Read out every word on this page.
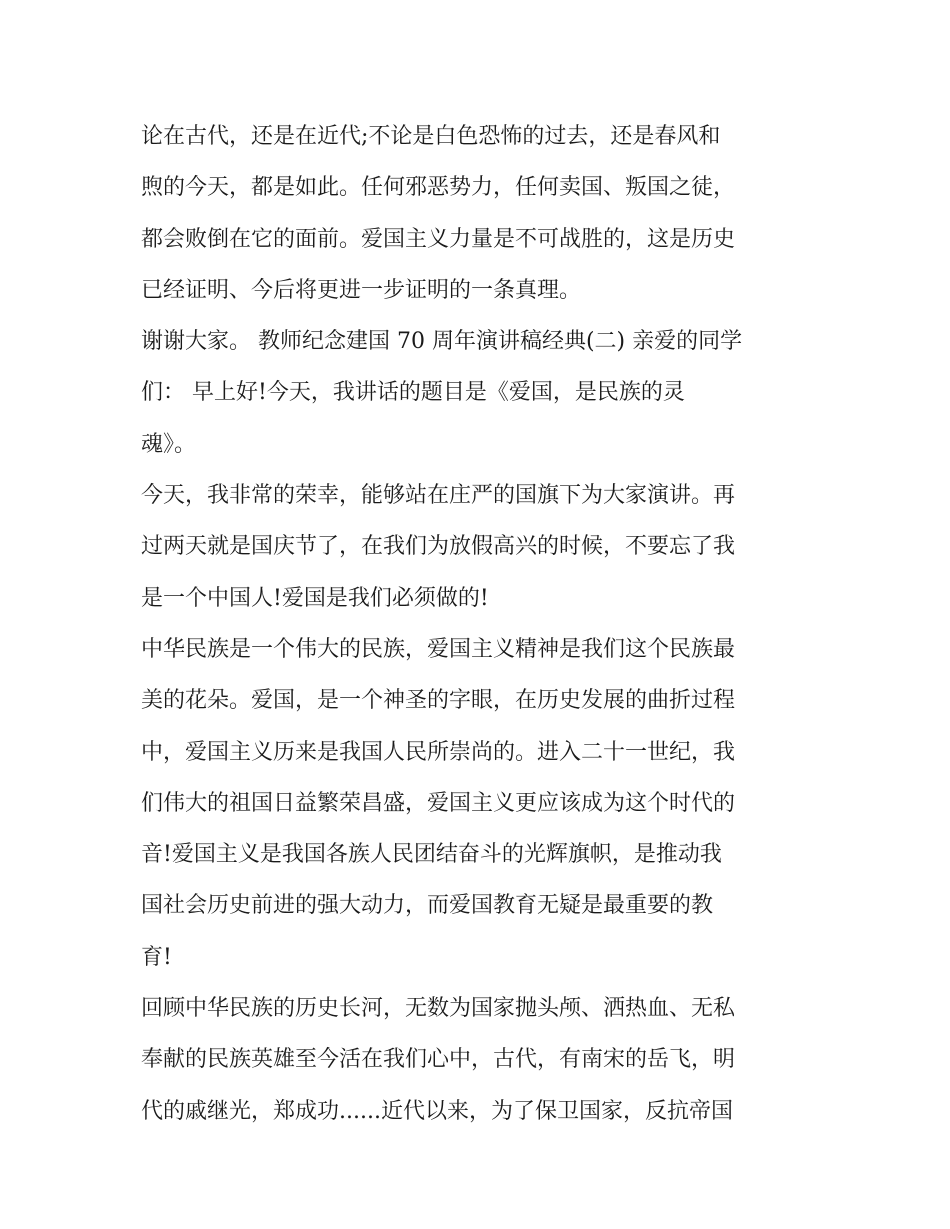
论在古代，还是在近代;不论是白色恐怖的过去，还是春风和
煦的今天，都是如此。任何邪恶势力，任何卖国、叛国之徒，
都会败倒在它的面前。爱国主义力量是不可战胜的，这是历史
已经证明、今后将更进一步证明的一条真理。
谢谢大家。 教师纪念建国 70 周年演讲稿经典(二) 亲爱的同学
们： 早上好!今天，我讲话的题目是《爱国，是民族的灵
魂》。
今天，我非常的荣幸，能够站在庄严的国旗下为大家演讲。再
过两天就是国庆节了，在我们为放假高兴的时候，不要忘了我
是一个中国人!爱国是我们必须做的!
中华民族是一个伟大的民族，爱国主义精神是我们这个民族最
美的花朵。爱国，是一个神圣的字眼，在历史发展的曲折过程
中，爱国主义历来是我国人民所崇尚的。进入二十一世纪，我
们伟大的祖国日益繁荣昌盛，爱国主义更应该成为这个时代的
音!爱国主义是我国各族人民团结奋斗的光辉旗帜，是推动我
国社会历史前进的强大动力，而爱国教育无疑是最重要的教
育!
回顾中华民族的历史长河，无数为国家抛头颅、洒热血、无私
奉献的民族英雄至今活在我们心中，古代，有南宋的岳飞，明
代的戚继光，郑成功......近代以来，为了保卫国家，反抗帝国
